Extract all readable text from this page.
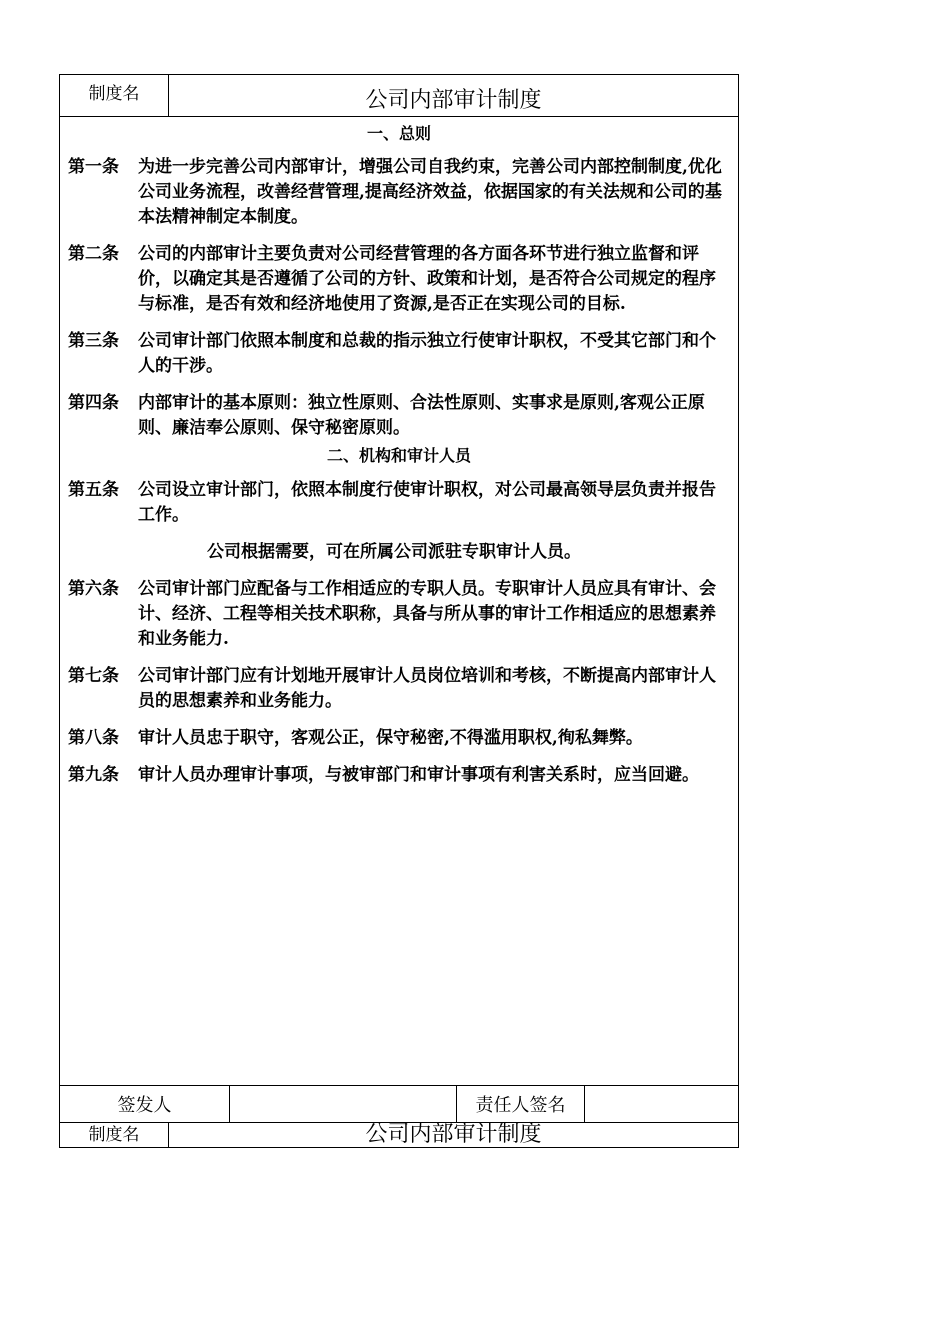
制度名	公司内部审计制度
一、总则
第一条	为进一步完善公司内部审计，增强公司自我约束，完善公司内部控制制度,优化公司业务流程，改善经营管理,提高经济效益，依据国家的有关法规和公司的基本法精神制定本制度。
第二条	公司的内部审计主要负责对公司经营管理的各方面各环节进行独立监督和评价，以确定其是否遵循了公司的方针、政策和计划，是否符合公司规定的程序与标准，是否有效和经济地使用了资源,是否正在实现公司的目标.
第三条	公司审计部门依照本制度和总裁的指示独立行使审计职权，不受其它部门和个人的干涉。
第四条	内部审计的基本原则：独立性原则、合法性原则、实事求是原则,客观公正原则、廉洁奉公原则、保守秘密原则。
二、机构和审计人员
第五条	公司设立审计部门，依照本制度行使审计职权，对公司最高领导层负责并报告工作。
公司根据需要，可在所属公司派驻专职审计人员。
第六条	公司审计部门应配备与工作相适应的专职人员。专职审计人员应具有审计、会计、经济、工程等相关技术职称，具备与所从事的审计工作相适应的思想素养和业务能力.
第七条	公司审计部门应有计划地开展审计人员岗位培训和考核，不断提高内部审计人员的思想素养和业务能力。
第八条	审计人员忠于职守，客观公正，保守秘密,不得滥用职权,徇私舞弊。
第九条	审计人员办理审计事项，与被审部门和审计事项有利害关系时，应当回避。
签发人	责任人签名
制度名	公司内部审计制度
